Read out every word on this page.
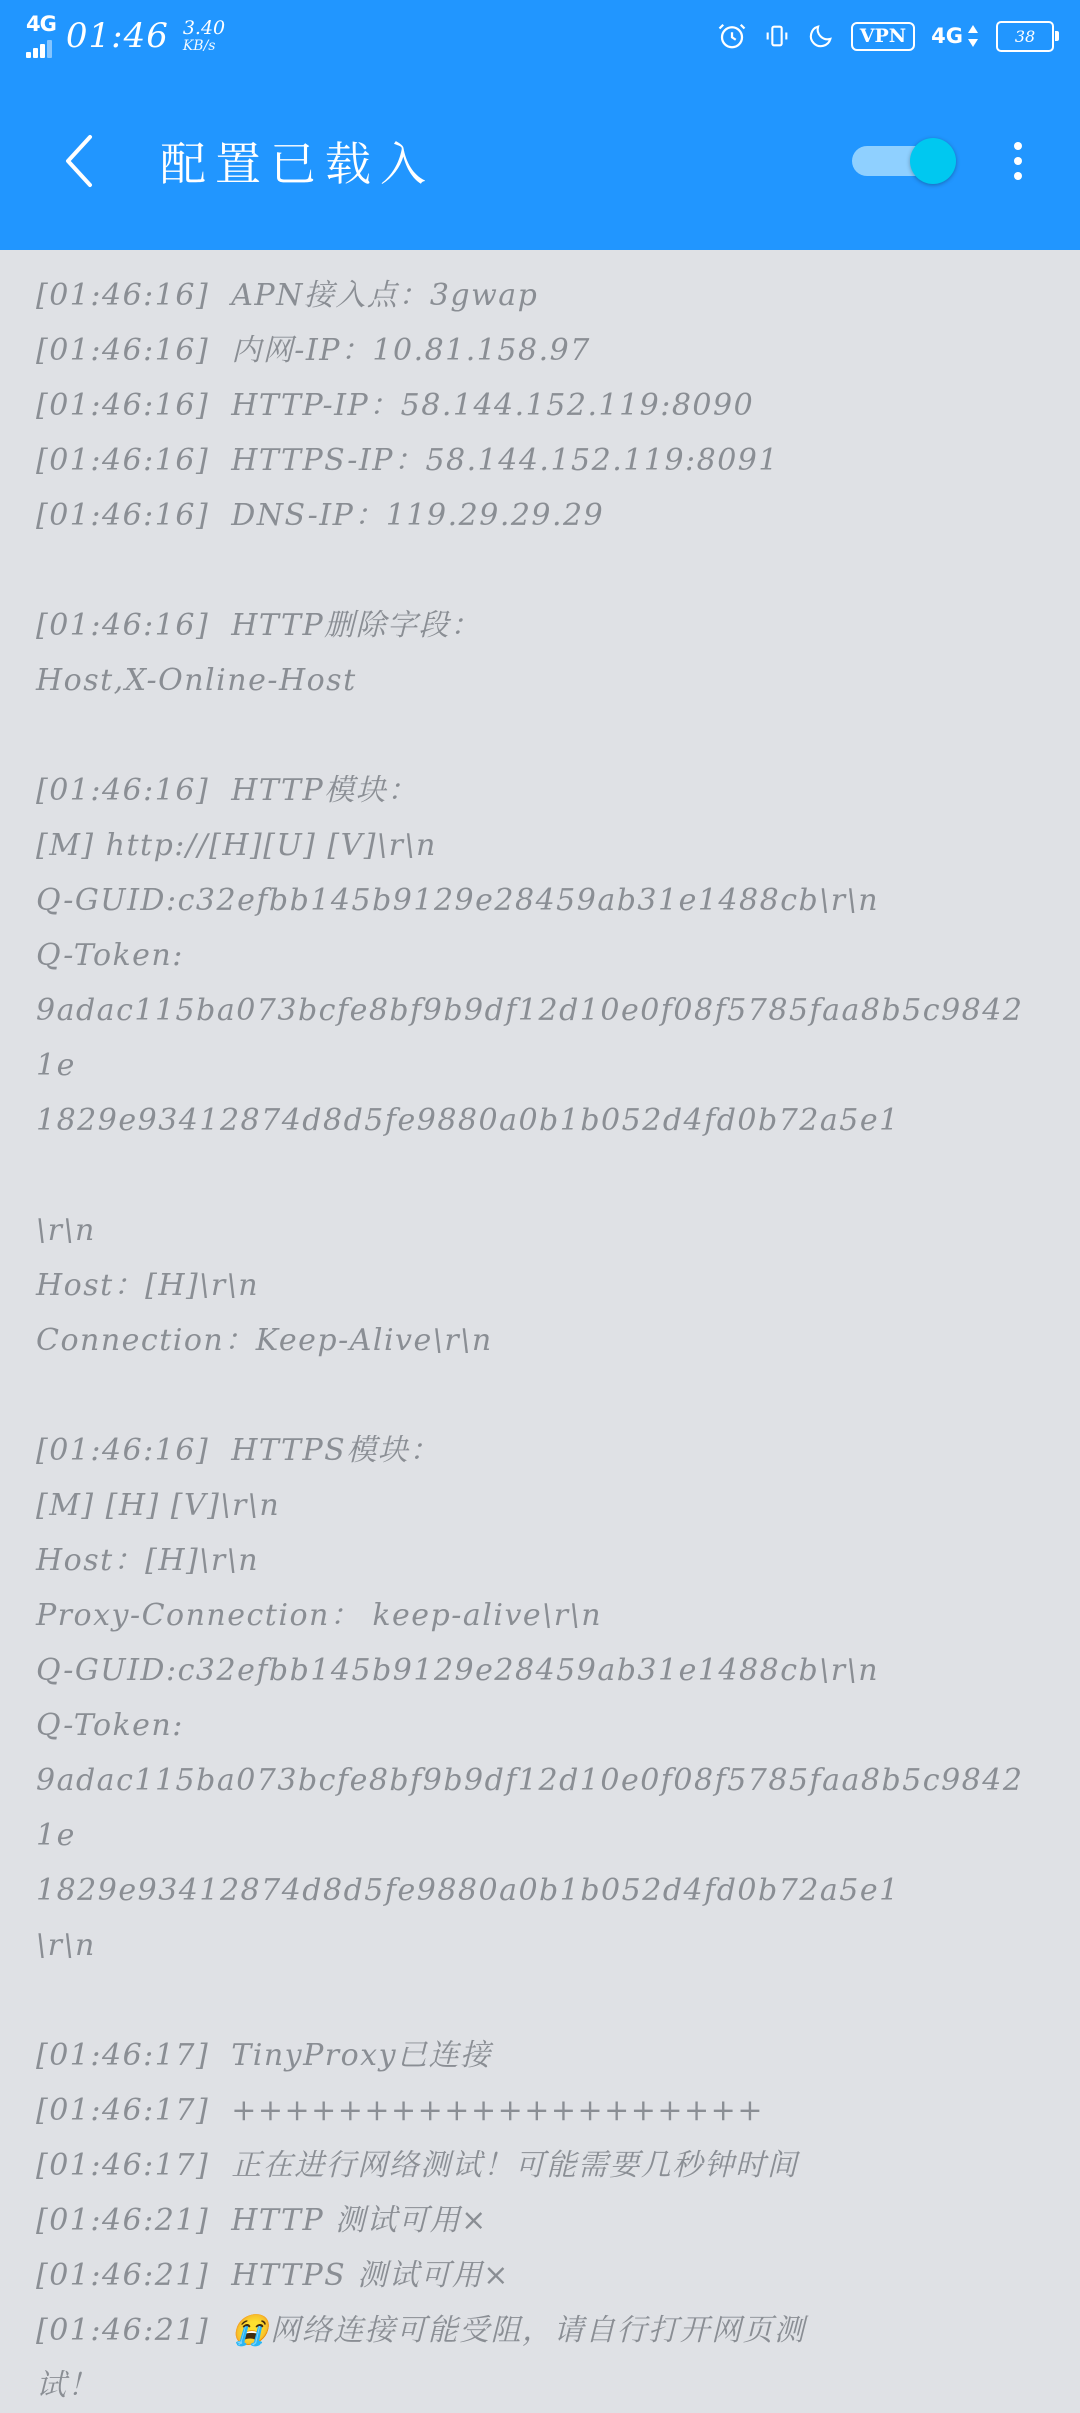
4G 01:46 3.40
KB/s	VPN	4G	38
配置已载入
[01:46:16]  APN接入点：3gwap
[01:46:16]  内网-IP：10.81.158.97
[01:46:16]  HTTP-IP：58.144.152.119:8090
[01:46:16]  HTTPS-IP：58.144.152.119:8091
[01:46:16]  DNS-IP：119.29.29.29
[01:46:16]  HTTP删除字段：
Host,X-Online-Host
[01:46:16]  HTTP模块：
[M] http://[H][U] [V]\r\n
Q-GUID:c32efbb145b9129e28459ab31e1488cb\r\n
Q-Token:
9adac115ba073bcfe8bf9b9df12d10e0f08f5785faa8b5c98421e
1829e93412874d8d5fe9880a0b1b052d4fd0b72a5e1
\r\n
Host：[H]\r\n
Connection：Keep-Alive\r\n
[01:46:16]  HTTPS模块：
[M] [H] [V]\r\n
Host：[H]\r\n
Proxy-Connection： keep-alive\r\n
Q-GUID:c32efbb145b9129e28459ab31e1488cb\r\n
Q-Token:
9adac115ba073bcfe8bf9b9df12d10e0f08f5785faa8b5c98421e
1829e93412874d8d5fe9880a0b1b052d4fd0b72a5e1
\r\n
[01:46:17]  TinyProxy已连接
[01:46:17]  ++++++++++++++++++++
[01:46:17]  正在进行网络测试！可能需要几秒钟时间
[01:46:21]  HTTP 测试可用×
[01:46:21]  HTTPS 测试可用×
[01:46:21]  😭网络连接可能受阻，请自行打开网页测
试！
